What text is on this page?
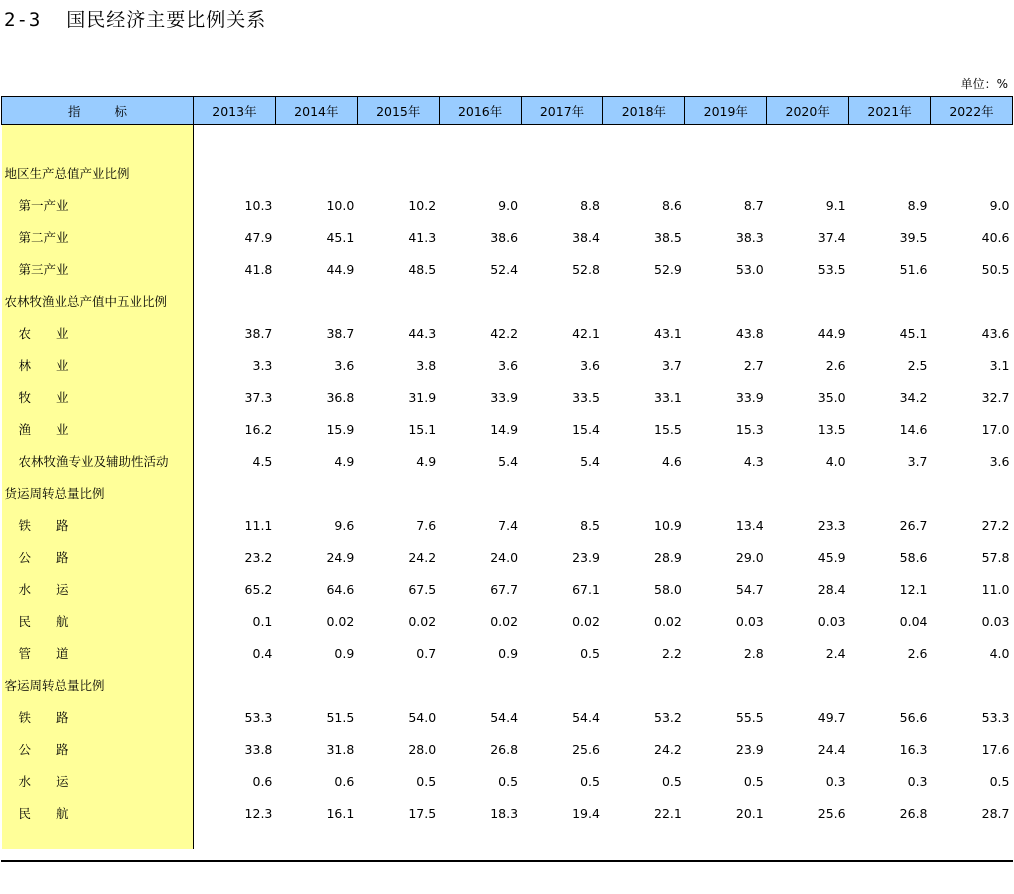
2-3  国民经济主要比例关系
单位：%
指 标	2013年	2014年	2015年	2016年	2017年	2018年	2019年	2020年	2021年	2022年

地区生产总值产业比例										
第一产业	10.3	10.0	10.2	9.0	8.8	8.6	8.7	9.1	8.9	9.0
第二产业	47.9	45.1	41.3	38.6	38.4	38.5	38.3	37.4	39.5	40.6
第三产业	41.8	44.9	48.5	52.4	52.8	52.9	53.0	53.5	51.6	50.5
农林牧渔业总产值中五业比例										
农　　业	38.7	38.7	44.3	42.2	42.1	43.1	43.8	44.9	45.1	43.6
林　　业	3.3	3.6	3.8	3.6	3.6	3.7	2.7	2.6	2.5	3.1
牧　　业	37.3	36.8	31.9	33.9	33.5	33.1	33.9	35.0	34.2	32.7
渔　　业	16.2	15.9	15.1	14.9	15.4	15.5	15.3	13.5	14.6	17.0
农林牧渔专业及辅助性活动	4.5	4.9	4.9	5.4	5.4	4.6	4.3	4.0	3.7	3.6
货运周转总量比例										
铁　　路	11.1	9.6	7.6	7.4	8.5	10.9	13.4	23.3	26.7	27.2
公　　路	23.2	24.9	24.2	24.0	23.9	28.9	29.0	45.9	58.6	57.8
水　　运	65.2	64.6	67.5	67.7	67.1	58.0	54.7	28.4	12.1	11.0
民　　航	0.1	0.02	0.02	0.02	0.02	0.02	0.03	0.03	0.04	0.03
管　　道	0.4	0.9	0.7	0.9	0.5	2.2	2.8	2.4	2.6	4.0
客运周转总量比例										
铁　　路	53.3	51.5	54.0	54.4	54.4	53.2	55.5	49.7	56.6	53.3
公　　路	33.8	31.8	28.0	26.8	25.6	24.2	23.9	24.4	16.3	17.6
水　　运	0.6	0.6	0.5	0.5	0.5	0.5	0.5	0.3	0.3	0.5
民　　航	12.3	16.1	17.5	18.3	19.4	22.1	20.1	25.6	26.8	28.7
